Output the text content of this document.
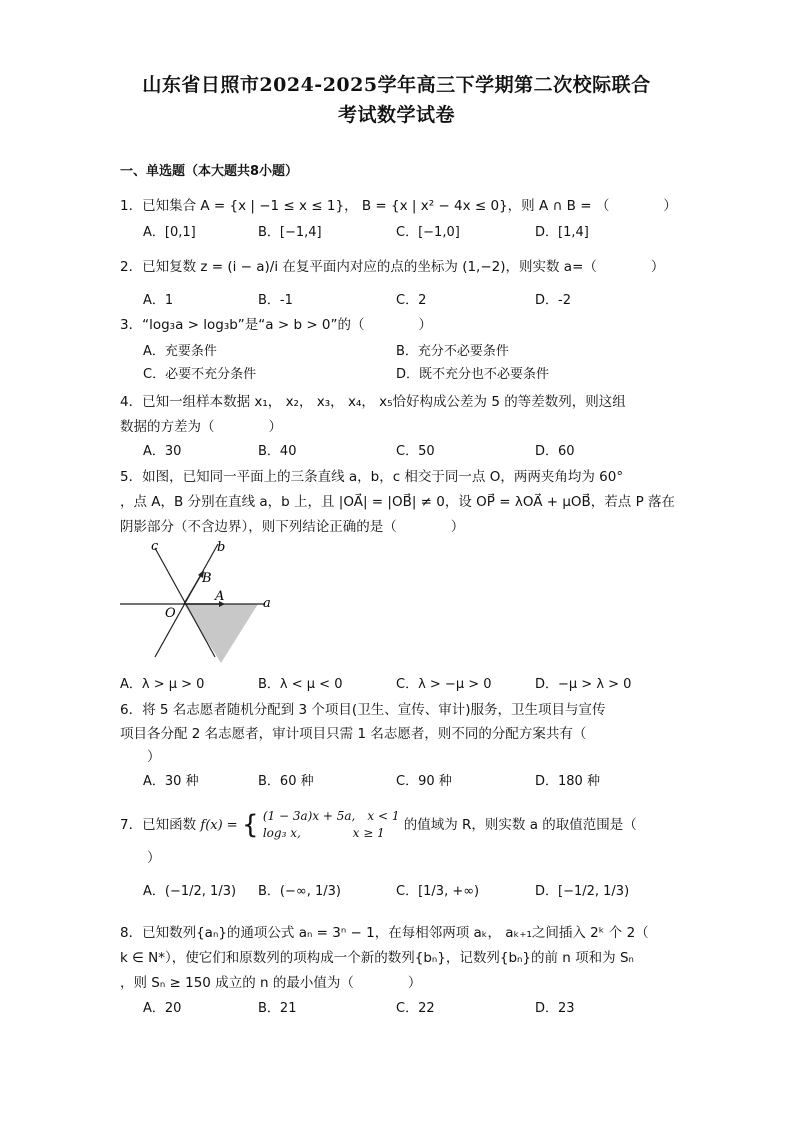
山东省日照市2024-2025学年高三下学期第二次校际联合
考试数学试卷
一、单选题（本大题共8小题）
1．已知集合 A = {x | −1 ≤ x ≤ 1}， B = {x | x² − 4x ≤ 0}，则 A ∩ B = （　　　　）
A．[0,1]	B．[−1,4]	C．[−1,0]	D．[1,4]
2．已知复数 z = (i − a)/i 在复平面内对应的点的坐标为 (1,−2)，则实数 a=（　　　　）
A．1	B．-1	C．2	D．-2
3．“log₃a > log₃b”是“a > b > 0”的（　　　　）
A．充要条件	B．充分不必要条件
C．必要不充分条件	D．既不充分也不必要条件
4．已知一组样本数据 x₁， x₂， x₃， x₄， x₅恰好构成公差为 5 的等差数列，则这组
数据的方差为（　　　　）
A．30	B．40	C．50	D．60
5．如图，已知同一平面上的三条直线 a，b，c 相交于同一点 O，两两夹角均为 60°
，点 A，B 分别在直线 a，b 上，且 |OA⃗| = |OB⃗| ≠ 0，设 OP⃗ = λOA⃗ + μOB⃗，若点 P 落在
阴影部分（不含边界），则下列结论正确的是（　　　　）
c	b
a
B
A
O
A．λ > μ > 0	B．λ < μ < 0	C．λ > −μ > 0	D．−μ > λ > 0
6．将 5 名志愿者随机分配到 3 个项目(卫生、宣传、审计)服务，卫生项目与宣传
项目各分配 2 名志愿者，审计项目只需 1 名志愿者，则不同的分配方案共有（
　　）
A．30 种	B．60 种	C．90 种	D．180 种
7．已知函数 f(x) = { (1 − 3a)x + 5a,　x < 1
log₃ x,　　　　 x ≥ 1	的值域为 R，则实数 a 的取值范围是（
　　）
A．(−1/2, 1/3) B．(−∞, 1/3)	C．[1/3, +∞)	D．[−1/2, 1/3)
8．已知数列{aₙ}的通项公式 aₙ = 3ⁿ − 1，在每相邻两项 aₖ， aₖ₊₁之间插入 2ᵏ 个 2（
k ∈ N*），使它们和原数列的项构成一个新的数列{bₙ}，记数列{bₙ}的前 n 项和为 Sₙ
，则 Sₙ ≥ 150 成立的 n 的最小值为（　　　　）
A．20	B．21	C．22	D．23
